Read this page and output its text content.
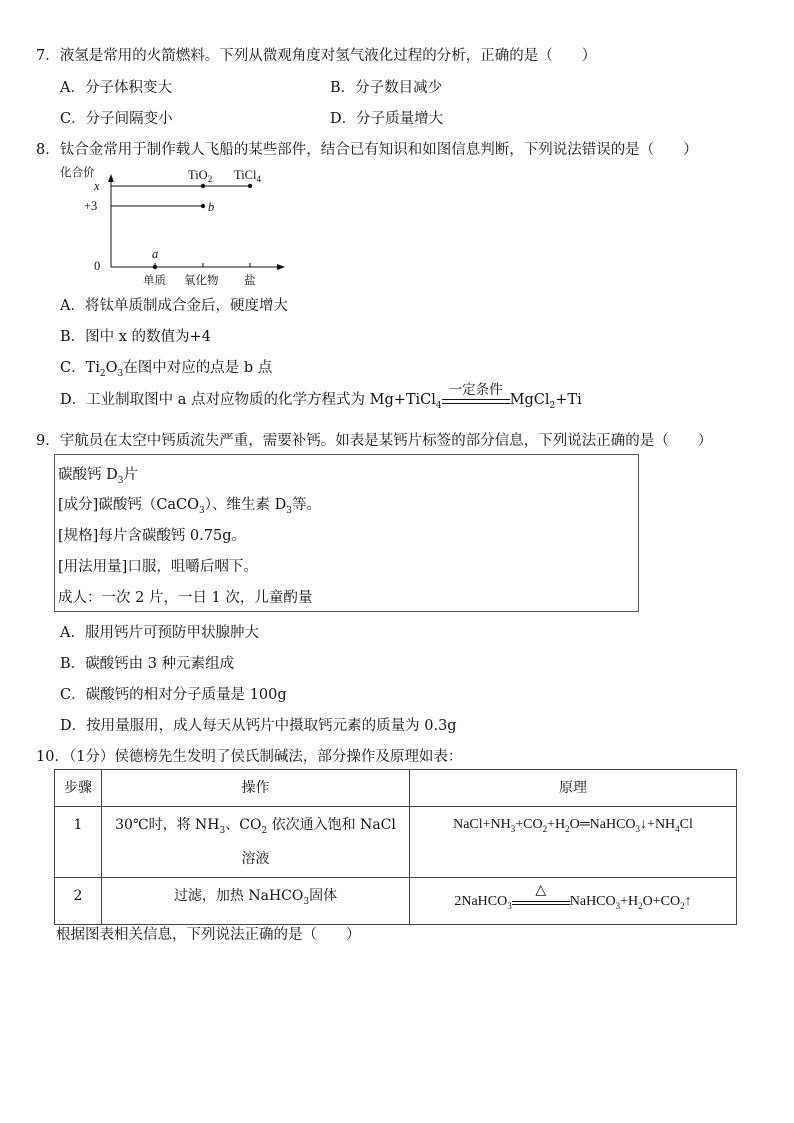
7．液氢是常用的火箭燃料。下列从微观角度对氢气液化过程的分析，正确的是（　　）
A．分子体积变大	B．分子数目减少
C．分子间隔变小	D．分子质量增大
8．钛合金常用于制作载人飞船的某些部件，结合已有知识和如图信息判断，下列说法错误的是（　　）
化合价
x
+3
0
单质 氧化物 盐
a
b
TiO$_2$ TiCl$_4$
A．将钛单质制成合金后，硬度增大
B．图中 x 的数值为+4
C．$Ti_2O_3$在图中对应的点是 b 点
D．工业制取图中 a 点对应物质的化学方程式为 Mg+TiCl$_4$
一定条件
MgCl$_2$+Ti
9．宇航员在太空中钙质流失严重，需要补钙。如表是某钙片标签的部分信息，下列说法正确的是（　　）
碳酸钙 $D_3$片
[成分]碳酸钙（CaCO$_3$）、维生素 $D_3$等。
[规格]每片含碳酸钙 0.75g。
[用法用量]口服，咀嚼后咽下。
成人：一次 2 片，一日 1 次，儿童酌量
A．服用钙片可预防甲状腺肿大
B．碳酸钙由 3 种元素组成
C．碳酸钙的相对分子质量是 100g
D．按用量服用，成人每天从钙片中摄取钙元素的质量为 0.3g
10．（1分）侯德榜先生发明了侯氏制碱法，部分操作及原理如表：
步骤	操作	原理
1	30℃时，将 $NH_3$、$CO_2$ 依次通入饱和 NaCl 溶液	$NaCl+NH_3+CO_2+H_2O═NaHCO_3↓+NH_4Cl$
2	过滤，加热 NaHCO$_3$固体	2NaHCO$_3$
△
$NaHCO_3+H_2O+CO_2↑$
根据图表相关信息，下列说法正确的是（　　）
